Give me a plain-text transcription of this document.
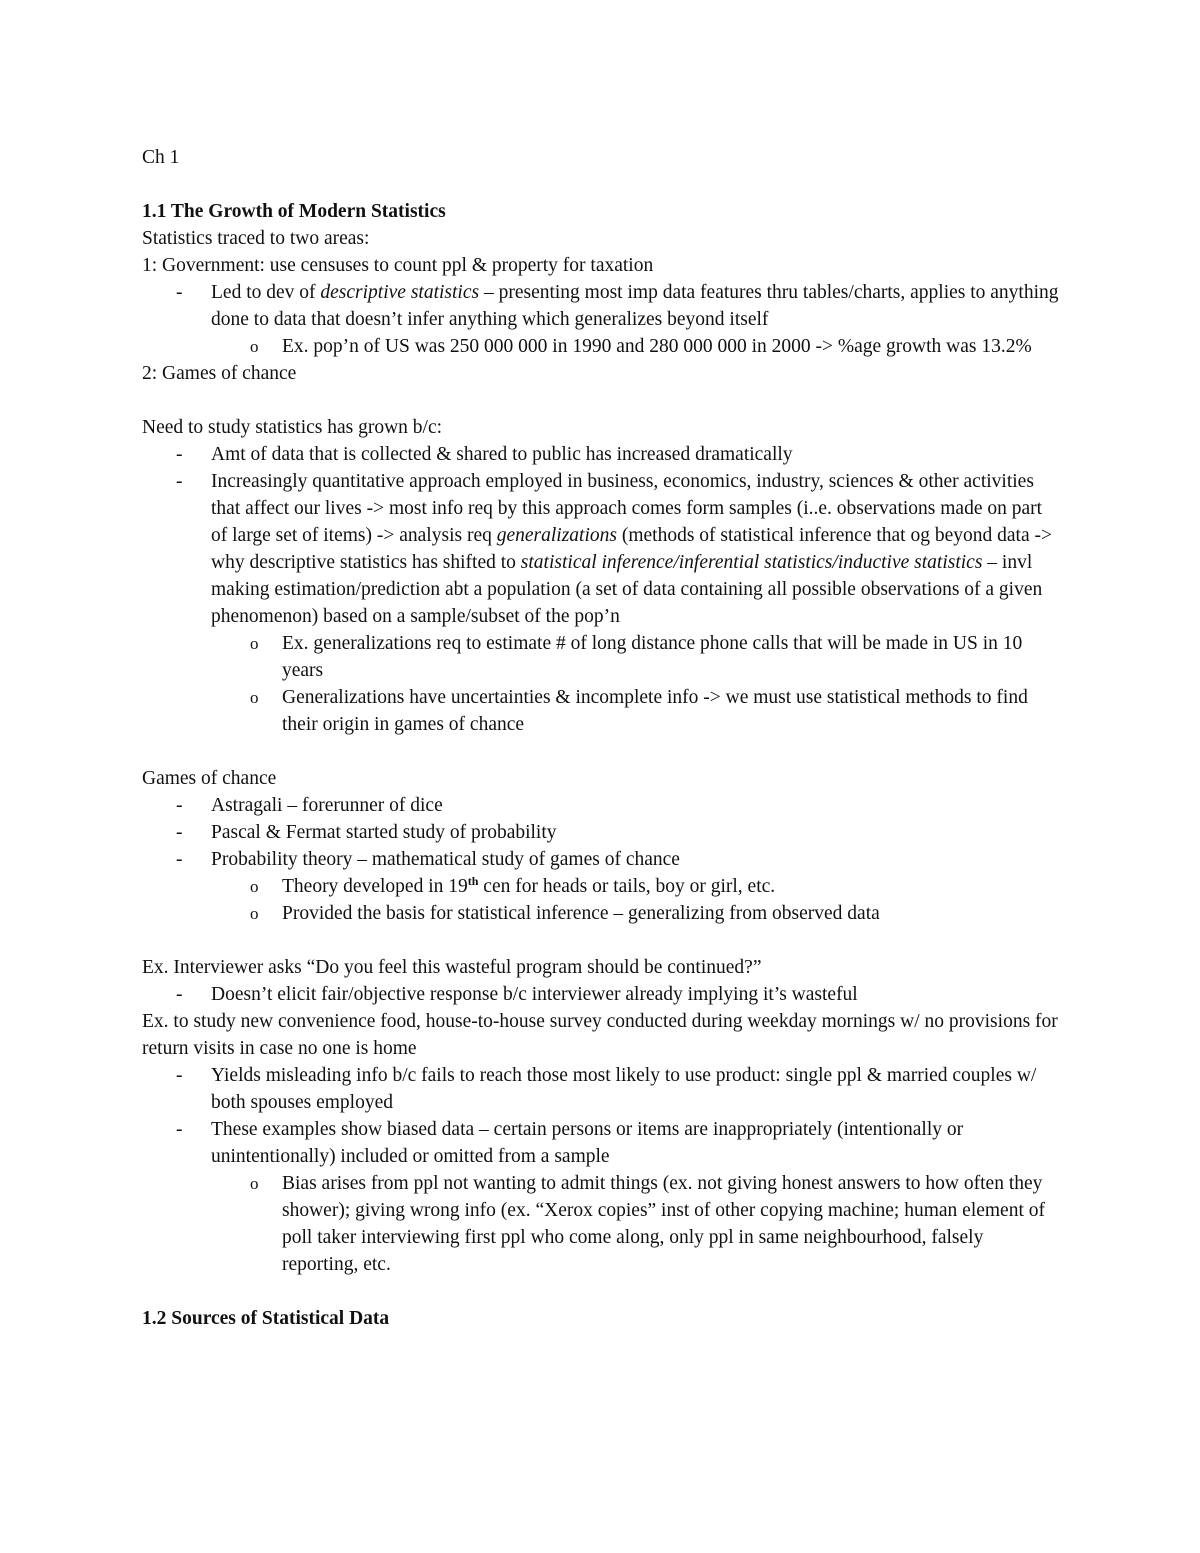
Ch 1

1.1 The Growth of Modern Statistics

Statistics traced to two areas:

1: Government: use censuses to count ppl & property for taxation

- Led to dev of descriptive statistics – presenting most imp data features thru tables/charts, applies to anything done to data that doesn’t infer anything which generalizes beyond itself
o Ex. pop’n of US was 250 000 000 in 1990 and 280 000 000 in 2000 -> %age growth was 13.2%

2: Games of chance

Need to study statistics has grown b/c:

- Amt of data that is collected & shared to public has increased dramatically
- Increasingly quantitative approach employed in business, economics, industry, sciences & other activities that affect our lives -> most info req by this approach comes form samples (i..e. observations made on part of large set of items) -> analysis req generalizations (methods of statistical inference that og beyond data -> why descriptive statistics has shifted to statistical inference/inferential statistics/inductive statistics – invl making estimation/prediction abt a population (a set of data containing all possible observations of a given phenomenon) based on a sample/subset of the pop’n
o Ex. generalizations req to estimate # of long distance phone calls that will be made in US in 10 years
o Generalizations have uncertainties & incomplete info -> we must use statistical methods to find their origin in games of chance

Games of chance

- Astragali – forerunner of dice
- Pascal & Fermat started study of probability
- Probability theory – mathematical study of games of chance
o Theory developed in 19th cen for heads or tails, boy or girl, etc.
o Provided the basis for statistical inference – generalizing from observed data

Ex. Interviewer asks “Do you feel this wasteful program should be continued?”

- Doesn’t elicit fair/objective response b/c interviewer already implying it’s wasteful

Ex. to study new convenience food, house-to-house survey conducted during weekday mornings w/ no provisions for return visits in case no one is home

- Yields misleading info b/c fails to reach those most likely to use product: single ppl & married couples w/ both spouses employed
- These examples show biased data – certain persons or items are inappropriately (intentionally or unintentionally) included or omitted from a sample
o Bias arises from ppl not wanting to admit things (ex. not giving honest answers to how often they shower); giving wrong info (ex. “Xerox copies” inst of other copying machine; human element of poll taker interviewing first ppl who come along, only ppl in same neighbourhood, falsely reporting, etc.

1.2 Sources of Statistical Data
